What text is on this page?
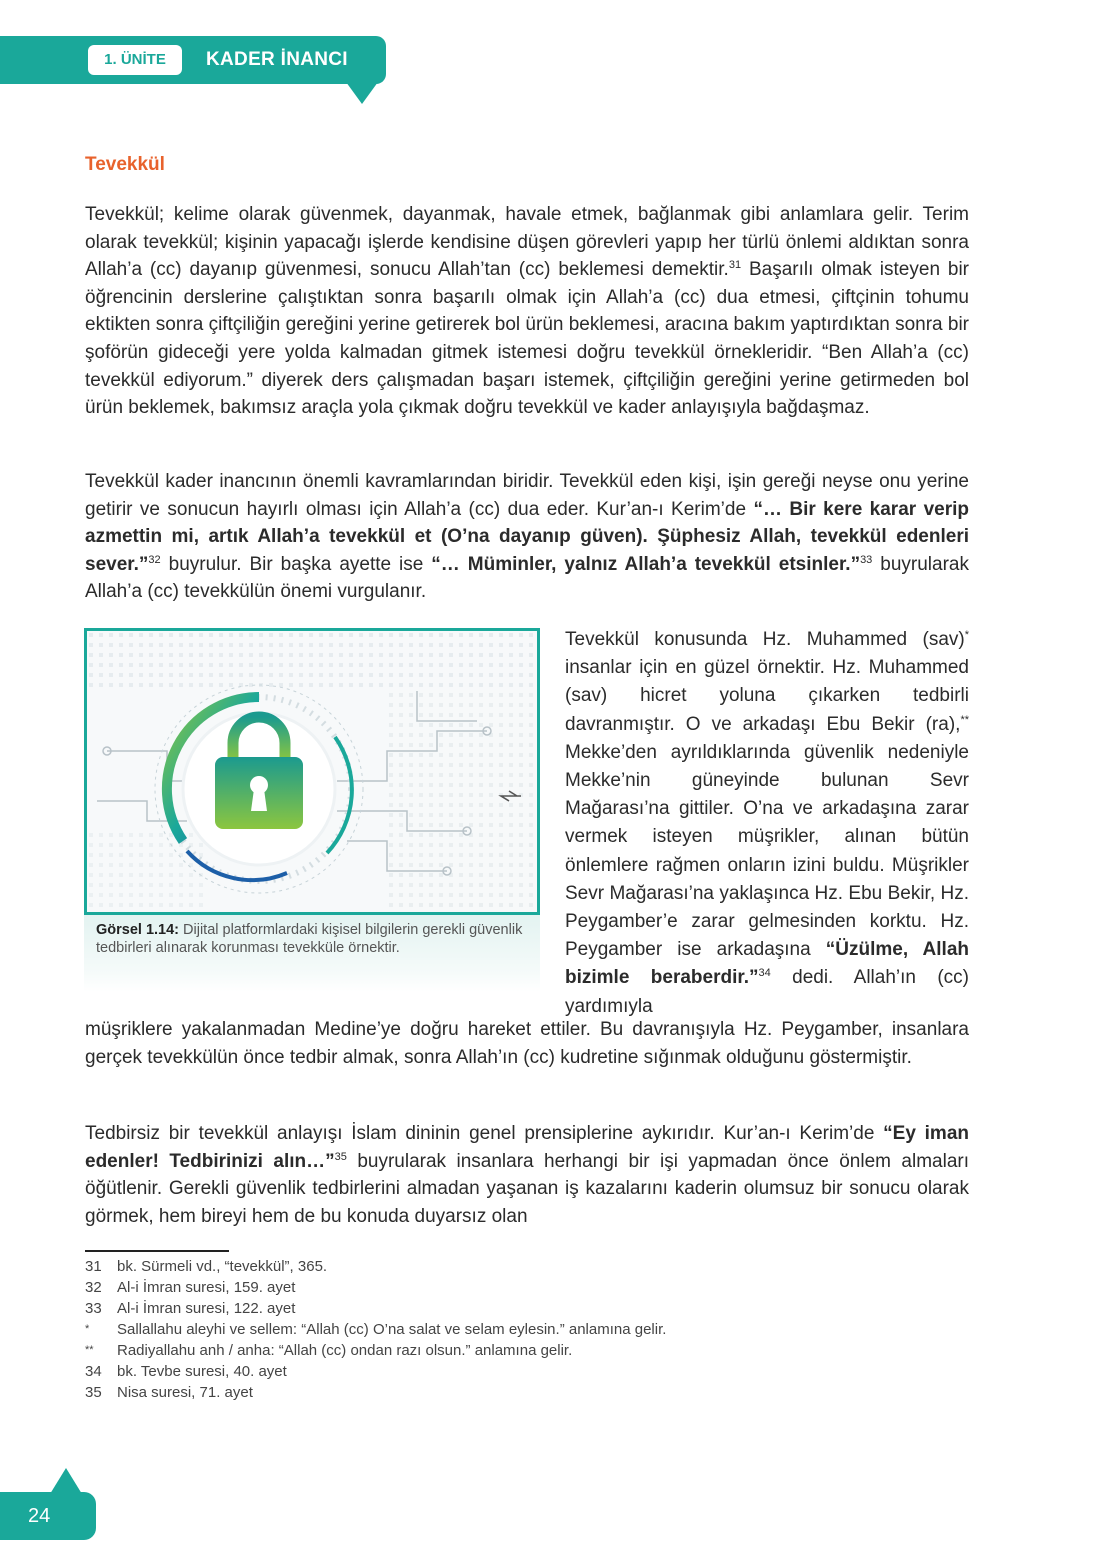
1. ÜNİTE	KADER İNANCI
Tevekkül

Tevekkül; kelime olarak güvenmek, dayanmak, havale etmek, bağlanmak gibi anlamlara gelir. Terim olarak tevekkül; kişinin yapacağı işlerde kendisine düşen görevleri yapıp her türlü önlemi aldıktan sonra Allah’a (cc) dayanıp güvenmesi, sonucu Allah’tan (cc) beklemesi demektir.$^{31}$ Başarılı olmak isteyen bir öğrencinin derslerine çalıştıktan sonra başarılı olmak için Allah’a (cc) dua etmesi, çiftçinin tohumu ektikten sonra çiftçiliğin gereğini yerine getirerek bol ürün beklemesi, aracına bakım yaptırdıktan sonra bir şoförün gideceği yere yolda kalmadan gitmek istemesi doğru tevekkül örnekleridir. “Ben Allah’a (cc) tevekkül ediyorum.” diyerek ders çalışmadan başarı istemek, çiftçiliğin gereğini yerine getirmeden bol ürün beklemek, bakımsız araçla yola çıkmak doğru tevekkül ve kader anlayışıyla bağdaşmaz.

Tevekkül kader inancının önemli kavramlarından biridir. Tevekkül eden kişi, işin gereği neyse onu yerine getirir ve sonucun hayırlı olması için Allah’a (cc) dua eder. Kur’an-ı Kerim’de “… Bir kere karar verip azmettin mi, artık Allah’a tevekkül et (O’na dayanıp güven). Şüphesiz Allah, tevekkül edenleri sever.”$^{32}$ buyrulur. Bir başka ayette ise “… Müminler, yalnız Allah’a tevekkül etsinler.”$^{33}$ buyrularak Allah’a (cc) tevekkülün önemi vurgulanır.

Görsel 1.14: Dijital platformlardaki kişisel bilgilerin gerekli güvenlik tedbirleri alınarak korunması tevekküle örnektir.

Tevekkül konusunda Hz. Muhammed (sav)* insanlar için en güzel örnektir. Hz. Muhammed (sav) hicret yoluna çıkarken tedbirli davranmıştır. O ve arkadaşı Ebu Bekir (ra),** Mekke’den ayrıldıklarında güvenlik nedeniyle Mekke’nin güneyinde bulunan Sevr Mağarası’na gittiler. O’na ve arkadaşına zarar vermek isteyen müşrikler, alınan bütün önlemlere rağmen onların izini buldu. Müşrikler Sevr Mağarası’na yaklaşınca Hz. Ebu Bekir, Hz. Peygamber’e zarar gelmesinden korktu. Hz. Peygamber ise arkadaşına “Üzülme, Allah bizimle beraberdir.”$^{34}$ dedi. Allah’ın (cc) yardımıyla

müşriklere yakalanmadan Medine’ye doğru hareket ettiler. Bu davranışıyla Hz. Peygamber, insanlara gerçek tevekkülün önce tedbir almak, sonra Allah’ın (cc) kudretine sığınmak olduğunu göstermiştir.

Tedbirsiz bir tevekkül anlayışı İslam dininin genel prensiplerine aykırıdır. Kur’an-ı Kerim’de “Ey iman edenler! Tedbirinizi alın…”$^{35}$ buyrularak insanlara herhangi bir işi yapmadan önce önlem almaları öğütlenir. Gerekli güvenlik tedbirlerini almadan yaşanan iş kazalarını kaderin olumsuz bir sonucu olarak görmek, hem bireyi hem de bu konuda duyarsız olan

31	bk. Sürmeli vd., “tevekkül”, 365.
32	Al-i İmran suresi, 159. ayet
33	Al-i İmran suresi, 122. ayet
*	Sallallahu aleyhi ve sellem: “Allah (cc) O’na salat ve selam eylesin.” anlamına gelir.
**	Radiyallahu anh / anha: “Allah (cc) ondan razı olsun.” anlamına gelir.
34	bk. Tevbe suresi, 40. ayet
35	Nisa suresi, 71. ayet
24
